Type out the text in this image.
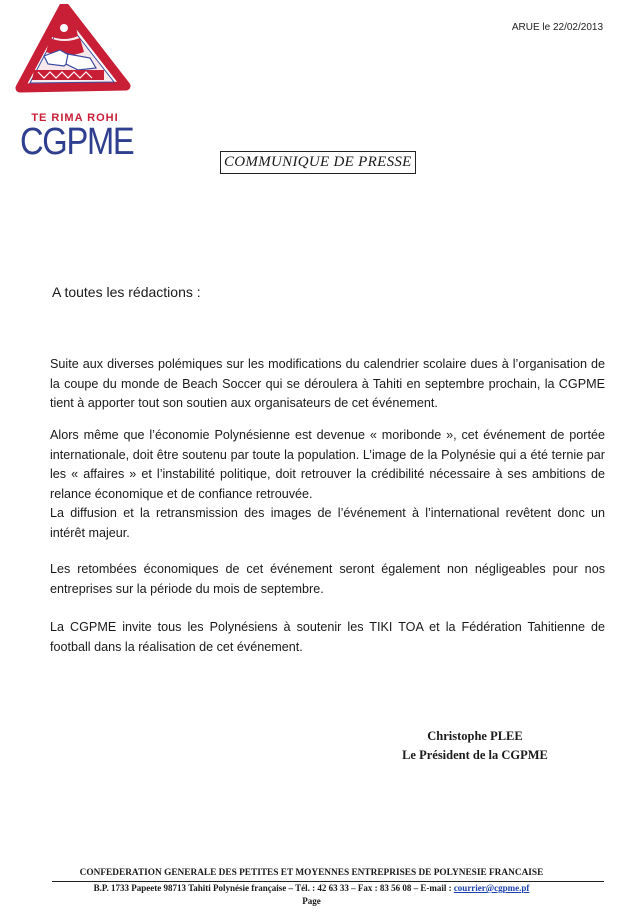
TE RIMA ROHI
CGPME
ARUE le 22/02/2013
COMMUNIQUE DE PRESSE
A toutes les rédactions :

Suite aux diverses polémiques sur les modifications du calendrier scolaire dues à l’organisation de la coupe du monde de Beach Soccer qui se déroulera à Tahiti en septembre prochain, la CGPME tient à apporter tout son soutien aux organisateurs de cet événement.

Alors même que l’économie Polynésienne est devenue « moribonde », cet événement de portée internationale, doit être soutenu par toute la population. L’image de la Polynésie qui a été ternie par les « affaires » et l’instabilité politique, doit retrouver la crédibilité nécessaire à ses ambitions de relance économique et de confiance retrouvée.

La diffusion et la retransmission des images de l’événement à l’international revêtent donc un intérêt majeur.

Les retombées économiques de cet événement seront également non négligeables pour nos entreprises sur la période du mois de septembre.

La CGPME invite tous les Polynésiens à soutenir les TIKI TOA et la Fédération Tahitienne de football dans la réalisation de cet événement.

Christophe PLEE
Le Président de la CGPME
CONFEDERATION GENERALE DES PETITES ET MOYENNES ENTREPRISES DE POLYNESIE FRANCAISE
B.P. 1733 Papeete 98713 Tahiti Polynésie française – Tél. : 42 63 33 – Fax : 83 56 08 – E-mail : courrier@cgpme.pf
Page
